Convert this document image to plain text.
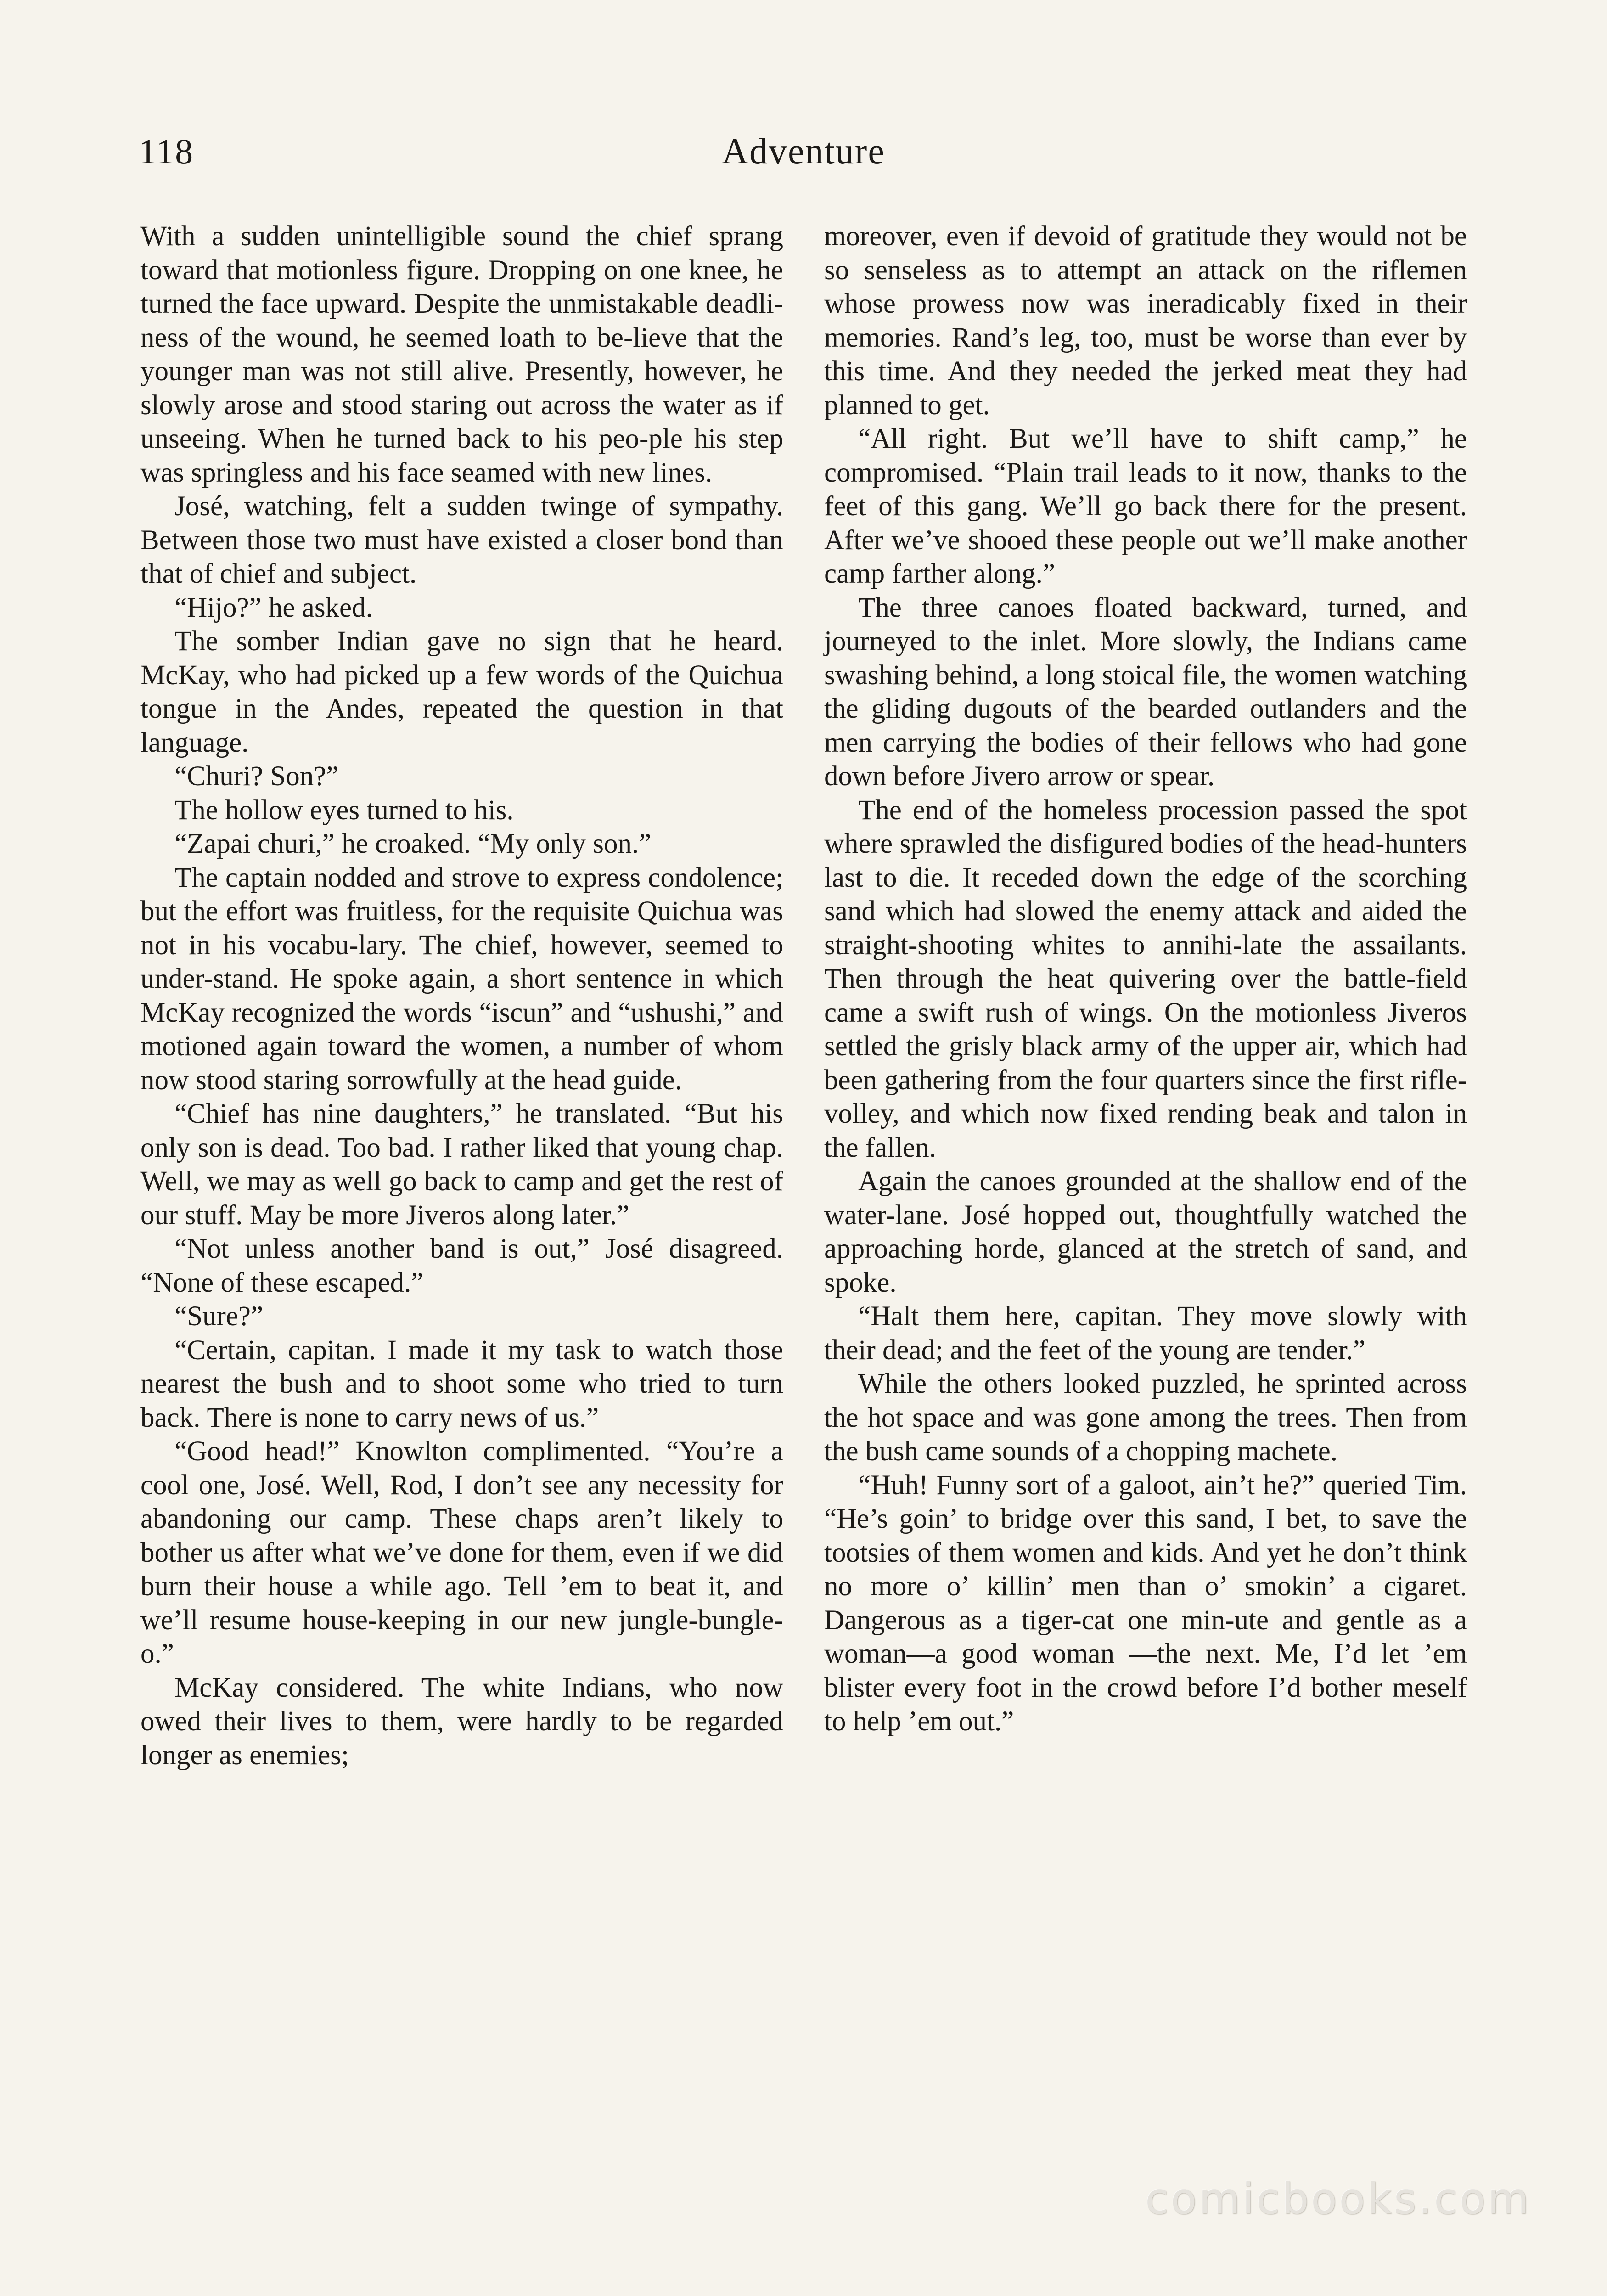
118	Adventure

With a sudden unintelligible sound the chief sprang toward that motionless figure. Dropping on one knee, he turned the face upward. Despite the unmistakable deadli-ness of the wound, he seemed loath to be-lieve that the younger man was not still alive. Presently, however, he slowly arose and stood staring out across the water as if unseeing. When he turned back to his peo-ple his step was springless and his face seamed with new lines.

José, watching, felt a sudden twinge of sympathy. Between those two must have existed a closer bond than that of chief and subject.

“Hijo?” he asked.

The somber Indian gave no sign that he heard. McKay, who had picked up a few words of the Quichua tongue in the Andes, repeated the question in that language.

“Churi? Son?”

The hollow eyes turned to his.

“Zapai churi,” he croaked. “My only son.”

The captain nodded and strove to express condolence; but the effort was fruitless, for the requisite Quichua was not in his vocabu-lary. The chief, however, seemed to under-stand. He spoke again, a short sentence in which McKay recognized the words “iscun” and “ushushi,” and motioned again toward the women, a number of whom now stood staring sorrowfully at the head guide.

“Chief has nine daughters,” he translated. “But his only son is dead. Too bad. I rather liked that young chap. Well, we may as well go back to camp and get the rest of our stuff. May be more Jiveros along later.”

“Not unless another band is out,” José disagreed. “None of these escaped.”

“Sure?”

“Certain, capitan. I made it my task to watch those nearest the bush and to shoot some who tried to turn back. There is none to carry news of us.”

“Good head!” Knowlton complimented. “You’re a cool one, José. Well, Rod, I don’t see any necessity for abandoning our camp. These chaps aren’t likely to bother us after what we’ve done for them, even if we did burn their house a while ago. Tell ’em to beat it, and we’ll resume house-keeping in our new jungle-bungle-o.”

McKay considered. The white Indians, who now owed their lives to them, were hardly to be regarded longer as enemies;

moreover, even if devoid of gratitude they would not be so senseless as to attempt an attack on the riflemen whose prowess now was ineradicably fixed in their memories. Rand’s leg, too, must be worse than ever by this time. And they needed the jerked meat they had planned to get.

“All right. But we’ll have to shift camp,” he compromised. “Plain trail leads to it now, thanks to the feet of this gang. We’ll go back there for the present. After we’ve shooed these people out we’ll make another camp farther along.”

The three canoes floated backward, turned, and journeyed to the inlet. More slowly, the Indians came swashing behind, a long stoical file, the women watching the gliding dugouts of the bearded outlanders and the men carrying the bodies of their fellows who had gone down before Jivero arrow or spear.

The end of the homeless procession passed the spot where sprawled the disfigured bodies of the head-hunters last to die. It receded down the edge of the scorching sand which had slowed the enemy attack and aided the straight-shooting whites to annihi-late the assailants. Then through the heat quivering over the battle-field came a swift rush of wings. On the motionless Jiveros settled the grisly black army of the upper air, which had been gathering from the four quarters since the first rifle-volley, and which now fixed rending beak and talon in the fallen.

Again the canoes grounded at the shallow end of the water-lane. José hopped out, thoughtfully watched the approaching horde, glanced at the stretch of sand, and spoke.

“Halt them here, capitan. They move slowly with their dead; and the feet of the young are tender.”

While the others looked puzzled, he sprinted across the hot space and was gone among the trees. Then from the bush came sounds of a chopping machete.

“Huh! Funny sort of a galoot, ain’t he?” queried Tim. “He’s goin’ to bridge over this sand, I bet, to save the tootsies of them women and kids. And yet he don’t think no more o’ killin’ men than o’ smokin’ a cigaret. Dangerous as a tiger-cat one min-ute and gentle as a woman—a good woman —the next. Me, I’d let ’em blister every foot in the crowd before I’d bother meself to help ’em out.”

comicbooks.com
